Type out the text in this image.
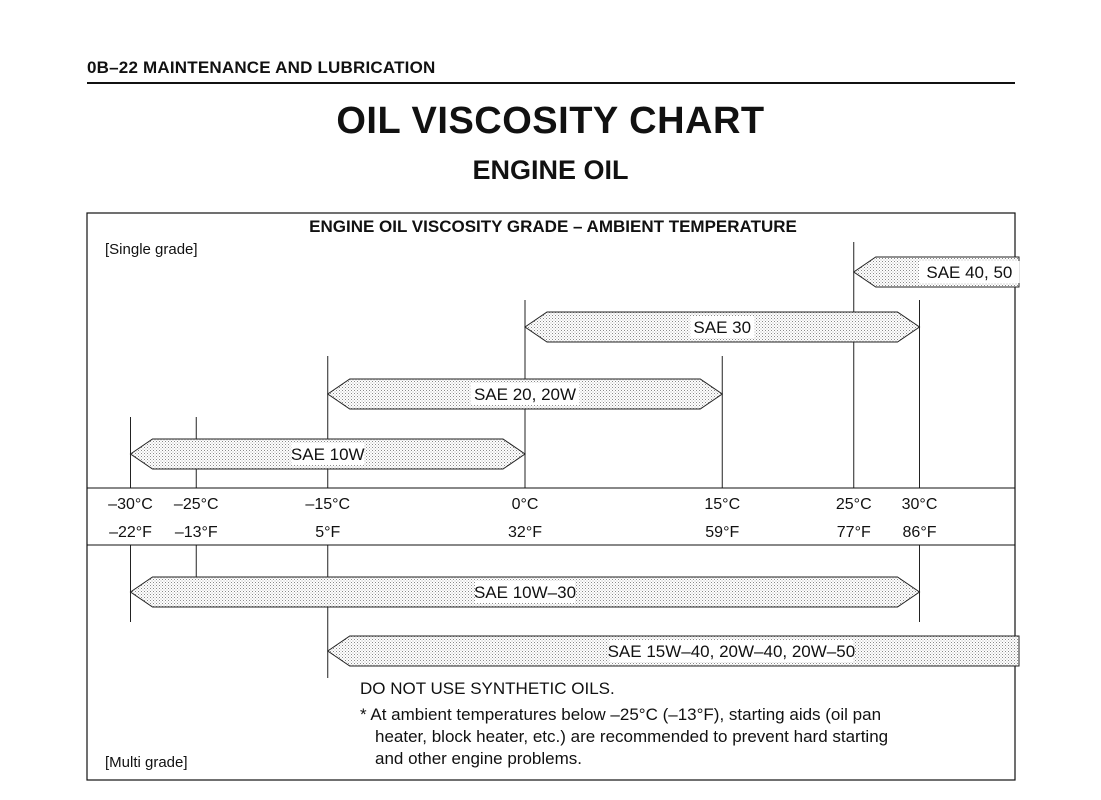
0B–22 MAINTENANCE AND LUBRICATION
OIL VISCOSITY CHART
ENGINE OIL
ENGINE OIL VISCOSITY GRADE – AMBIENT TEMPERATURE
SAE 40, 50
SAE 30
SAE 20, 20W
SAE 10W
SAE 10W–30
SAE 15W–40, 20W–40, 20W–50
–30°C
–22°F
–25°C
–13°F
–15°C
5°F
0°C
32°F
15°C
59°F
25°C
77°F
30°C
86°F
[Single grade]
[Multi grade]
DO NOT USE SYNTHETIC OILS.
* At ambient temperatures below –25°C (–13°F), starting aids (oil pan
heater, block heater, etc.) are recommended to prevent hard starting
and other engine problems.
